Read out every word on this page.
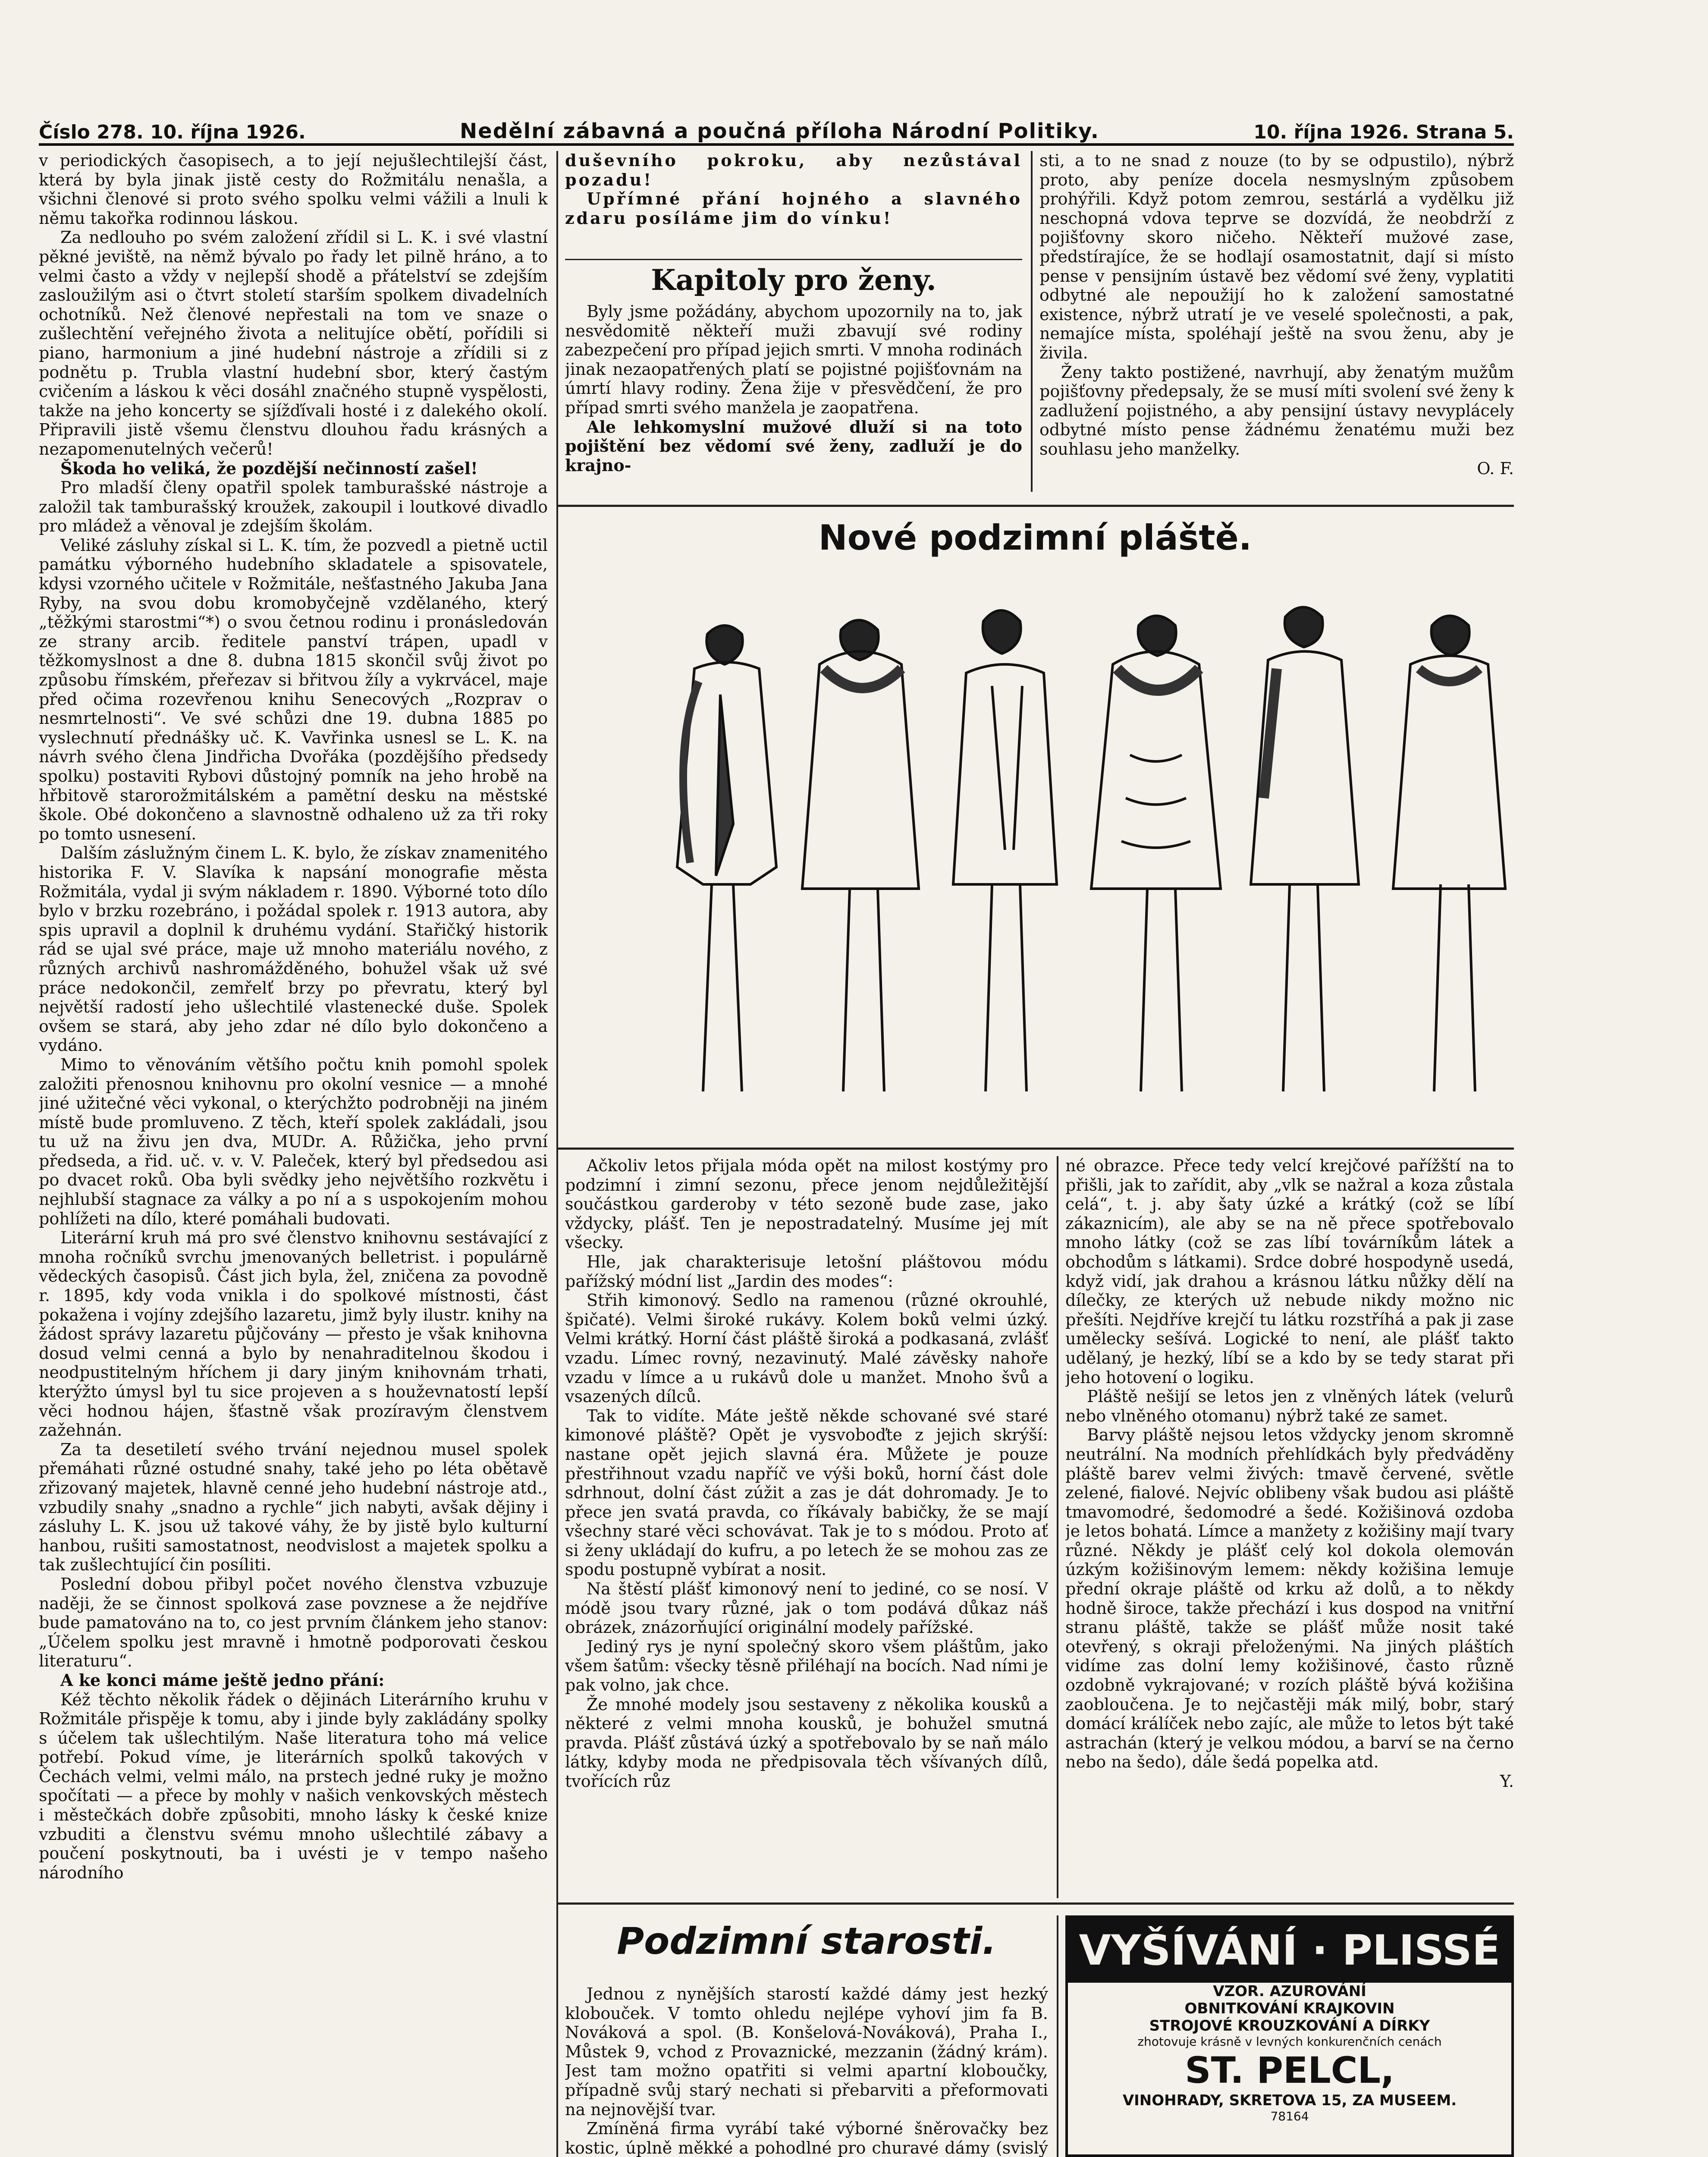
Číslo 278. 10. října 1926.	Nedělní zábavná a poučná příloha Národní Politiky.	10. října 1926. Strana 5.

v periodických časopisech, a to její nejušlechtilejší část, která by byla jinak jistě cesty do Rožmitálu nenašla, a všichni členové si proto svého spolku velmi vážili a lnuli k němu takořka rodinnou láskou.

Za nedlouho po svém založení zřídil si L. K. i své vlastní pěkné jeviště, na němž bývalo po řady let pilně hráno, a to velmi často a vždy v nejlepší shodě a přátelství se zdejším zasloužilým asi o čtvrt století starším spolkem divadelních ochotníků. Než členové nepřestali na tom ve snaze o zušlechtění veřejného života a nelitujíce obětí, pořídili si piano, harmonium a jiné hudební nástroje a zřídili si z podnětu p. Trubla vlastní hudební sbor, který častým cvičením a láskou k věci dosáhl značného stupně vyspělosti, takže na jeho koncerty se sjížďívali hosté i z dalekého okolí. Připravili jistě všemu členstvu dlouhou řadu krásných a nezapomenutelných večerů!

Škoda ho veliká, že pozdější nečinností zašel!

Pro mladší členy opatřil spolek tamburašské nástroje a založil tak tamburašský kroužek, zakoupil i loutkové divadlo pro mládež a věnoval je zdejším školám.

Veliké zásluhy získal si L. K. tím, že pozvedl a pietně uctil památku výborného hudebního skladatele a spisovatele, kdysi vzorného učitele v Rožmitále, nešťastného Jakuba Jana Ryby, na svou dobu kromobyčejně vzdělaného, který „těžkými starostmi“*) o svou četnou rodinu i pronásledován ze strany arcib. ředitele panství trápen, upadl v těžkomyslnost a dne 8. dubna 1815 skončil svůj život po způsobu římském, přeřezav si břitvou žíly a vykrvácel, maje před očima rozevřenou knihu Senecových „Rozprav o nesmrtelnosti“. Ve své schůzi dne 19. dubna 1885 po vyslechnutí přednášky uč. K. Vavřinka usnesl se L. K. na návrh svého člena Jindřicha Dvořáka (pozdějšího předsedy spolku) postaviti Rybovi důstojný pomník na jeho hrobě na hřbitově starorožmitálském a pamětní desku na městské škole. Obé dokončeno a slavnostně odhaleno už za tři roky po tomto usnesení.

Dalším záslužným činem L. K. bylo, že získav znamenitého historika F. V. Slavíka k napsání monografie města Rožmitála, vydal ji svým nákladem r. 1890. Výborné toto dílo bylo v brzku rozebráno, i požádal spolek r. 1913 autora, aby spis upravil a doplnil k druhému vydání. Stařičký historik rád se ujal své práce, maje už mnoho materiálu nového, z různých archivů nashromážděného, bohužel však už své práce nedokončil, zemřelť brzy po převratu, který byl největší radostí jeho ušlechtilé vlastenecké duše. Spolek ovšem se stará, aby jeho zdar né dílo bylo dokončeno a vydáno.

Mimo to věnováním většího počtu knih pomohl spolek založiti přenosnou knihovnu pro okolní vesnice — a mnohé jiné užitečné věci vykonal, o kterýchžto podrobněji na jiném místě bude promluveno. Z těch, kteří spolek zakládali, jsou tu už na živu jen dva, MUDr. A. Růžička, jeho první předseda, a řid. uč. v. v. V. Paleček, který byl předsedou asi po dvacet roků. Oba byli svědky jeho největšího rozkvětu i nejhlubší stagnace za války a po ní a s uspokojením mohou pohlížeti na dílo, které pomáhali budovati.

Literární kruh má pro své členstvo knihovnu sestávající z mnoha ročníků svrchu jmenovaných belletrist. i populárně vědeckých časopisů. Část jich byla, žel, zničena za povodně r. 1895, kdy voda vnikla i do spolkové místnosti, část pokažena i vojíny zdejšího lazaretu, jimž byly ilustr. knihy na žádost správy lazaretu půjčovány — přesto je však knihovna dosud velmi cenná a bylo by nenahraditelnou škodou i neodpustitelným hříchem ji dary jiným knihovnám trhati, kterýžto úmysl byl tu sice projeven a s houževnatostí lepší věci hodnou hájen, šťastně však prozíravým členstvem zažehnán.

Za ta desetiletí svého trvání nejednou musel spolek přemáhati různé ostudné snahy, také jeho po léta obětavě zřizovaný majetek, hlavně cenné jeho hudební nástroje atd., vzbudily snahy „snadno a rychle“ jich nabyti, avšak dějiny i zásluhy L. K. jsou už takové váhy, že by jistě bylo kulturní hanbou, rušiti samostatnost, neodvislost a majetek spolku a tak zušlechtující čin posíliti.

Poslední dobou přibyl počet nového členstva vzbuzuje naději, že se činnost spolková zase povznese a že nejdříve bude pamatováno na to, co jest prvním článkem jeho stanov: „Účelem spolku jest mravně i hmotně podporovati českou literaturu“.

A ke konci máme ještě jedno přání:

Kéž těchto několik řádek o dějinách Literárního kruhu v Rožmitále přispěje k tomu, aby i jinde byly zakládány spolky s účelem tak ušlechtilým. Naše literatura toho má velice potřebí. Pokud víme, je literárních spolků takových v Čechách velmi, velmi málo, na prstech jedné ruky je možno spočítati — a přece by mohly v našich venkovských městech i městečkách dobře způsobiti, mnoho lásky k české knize vzbuditi a členstvu svému mnoho ušlechtilé zábavy a poučení poskytnouti, ba i uvésti je v tempo našeho národního

duševního pokroku, aby nezůstával pozadu!

Upřímné přání hojného a slavného zdaru posíláme jim do vínku!

Kapitoly pro ženy.

Byly jsme požádány, abychom upozornily na to, jak nesvědomitě někteří muži zbavují své rodiny zabezpečení pro případ jejich smrti. V mnoha rodinách jinak nezaopatřených platí se pojistné pojišťovnám na úmrtí hlavy rodiny. Žena žije v přesvědčení, že pro případ smrti svého manžela je zaopatřena.

Ale lehkomyslní mužové dluží si na toto pojištění bez vědomí své ženy, zadluží je do krajno-

sti, a to ne snad z nouze (to by se odpustilo), nýbrž proto, aby peníze docela nesmyslným způsobem prohýřili. Když potom zemrou, sestárlá a vydělku již neschopná vdova teprve se dozvídá, že neobdrží z pojišťovny skoro ničeho. Někteří mužové zase, předstírajíce, že se hodlají osamostatnit, dají si místo pense v pensijním ústavě bez vědomí své ženy, vyplatiti odbytné ale nepoužijí ho k založení samostatné existence, nýbrž utratí je ve veselé společnosti, a pak, nemajíce místa, spoléhají ještě na svou ženu, aby je živila.

Ženy takto postižené, navrhují, aby ženatým mužům pojišťovny předepsaly, že se musí míti svolení své ženy k zadlužení pojistného, a aby pensijní ústavy nevyplácely odbytné místo pense žádnému ženatému muži bez souhlasu jeho manželky.

O. F.
Nové podzimní pláště.

Ačkoliv letos přijala móda opět na milost kostýmy pro podzimní i zimní sezonu, přece jenom nejdůležitější součástkou garderoby v této sezoně bude zase, jako vždycky, plášť. Ten je nepostradatelný. Musíme jej mít všecky.

Hle, jak charakterisuje letošní pláštovou módu pařížský módní list „Jardin des modes“:

Střih kimonový. Sedlo na ramenou (různé okrouhlé, špičaté). Velmi široké rukávy. Kolem boků velmi úzký. Velmi krátký. Horní část pláště široká a podkasaná, zvlášť vzadu. Límec rovný, nezavinutý. Malé závěsky nahoře vzadu v límce a u rukávů dole u manžet. Mnoho švů a vsazených dílců.

Tak to vidíte. Máte ještě někde schované své staré kimonové pláště? Opět je vysvoboďte z jejich skrýší: nastane opět jejich slavná éra. Můžete je pouze přestřihnout vzadu napříč ve výši boků, horní část dole sdrhnout, dolní část zúžit a zas je dát dohromady. Je to přece jen svatá pravda, co říkávaly babičky, že se mají všechny staré věci schovávat. Tak je to s módou. Proto ať si ženy ukládají do kufru, a po letech že se mohou zas ze spodu postupně vybírat a nosit.

Na štěstí plášť kimonový není to jediné, co se nosí. V módě jsou tvary různé, jak o tom podává důkaz náš obrázek, znázorňující originální modely pařížské.

Jediný rys je nyní společný skoro všem pláštům, jako všem šatům: všecky těsně přiléhají na bocích. Nad ními je pak volno, jak chce.

Že mnohé modely jsou sestaveny z několika kousků a některé z velmi mnoha kousků, je bohužel smutná pravda. Plášť zůstává úzký a spotřebovalo by se naň málo látky, kdyby moda ne předpisovala těch všívaných dílů, tvořících růz

né obrazce. Přece tedy velcí krejčové pařížští na to přišli, jak to zařídit, aby „vlk se nažral a koza zůstala celá“, t. j. aby šaty úzké a krátký (což se líbí zákaznicím), ale aby se na ně přece spotřebovalo mnoho látky (což se zas líbí továrníkům látek a obchodům s látkami). Srdce dobré hospodyně usedá, když vidí, jak drahou a krásnou látku nůžky dělí na dílečky, ze kterých už nebude nikdy možno nic přešíti. Nejdříve krejčí tu látku rozstříhá a pak ji zase umělecky sešívá. Logické to není, ale plášť takto udělaný, je hezký, líbí se a kdo by se tedy starat při jeho hotovení o logiku.

Pláště nešijí se letos jen z vlněných látek (velurů nebo vlněného otomanu) nýbrž také ze samet.

Barvy pláště nejsou letos vždycky jenom skromně neutrální. Na modních přehlídkách byly předváděny pláště barev velmi živých: tmavě červené, světle zelené, fialové. Nejvíc oblibeny však budou asi pláště tmavomodré, šedomodré a šedé. Kožišinová ozdoba je letos bohatá. Límce a manžety z kožišiny mají tvary různé. Někdy je plášť celý kol dokola olemován úzkým kožišinovým lemem: někdy kožišina lemuje přední okraje pláště od krku až dolů, a to někdy hodně široce, takže přechází i kus dospod na vnitřní stranu pláště, takže se plášť může nosit také otevřený, s okraji přeloženými. Na jiných pláštích vidíme zas dolní lemy kožišinové, často různě ozdobně vykrajované; v rozích pláště bývá kožišina zaobloučena. Je to nejčastěji mák milý, bobr, starý domácí králíček nebo zajíc, ale může to letos být také astrachán (který je velkou módou, a barví se na černo nebo na šedo), dále šedá popelka atd.

Y.
Podzimní starosti.

Jednou z nynějších starostí každé dámy jest hezký klobouček. V tomto ohledu nejlépe vyhoví jim fa B. Nováková a spol. (B. Konšelová-Nováková), Praha I., Můstek 9, vchod z Provaznické, mezzanin (žádný krám). Jest tam možno opatřiti si velmi apartní kloboučky, případně svůj starý nechati si přebarviti a přeformovati na nejnovější tvar.

Zmíněná firma vyrábí také výborné šněrovačky bez kostic, úplně měkké a pohodlné pro churavé dámy (svislý

VYŠÍVÁNÍ · PLISSÉ
VZOR. AZUROVÁNÍ
OBNITKOVÁNÍ KRAJKOVIN
STROJOVÉ KROUZKOVÁNÍ A DÍRKY
zhotovuje krásně v levných konkurenčních cenách
ST. PELCL,
VINOHRADY, SKRETOVA 15, ZA MUSEEM.
78164
